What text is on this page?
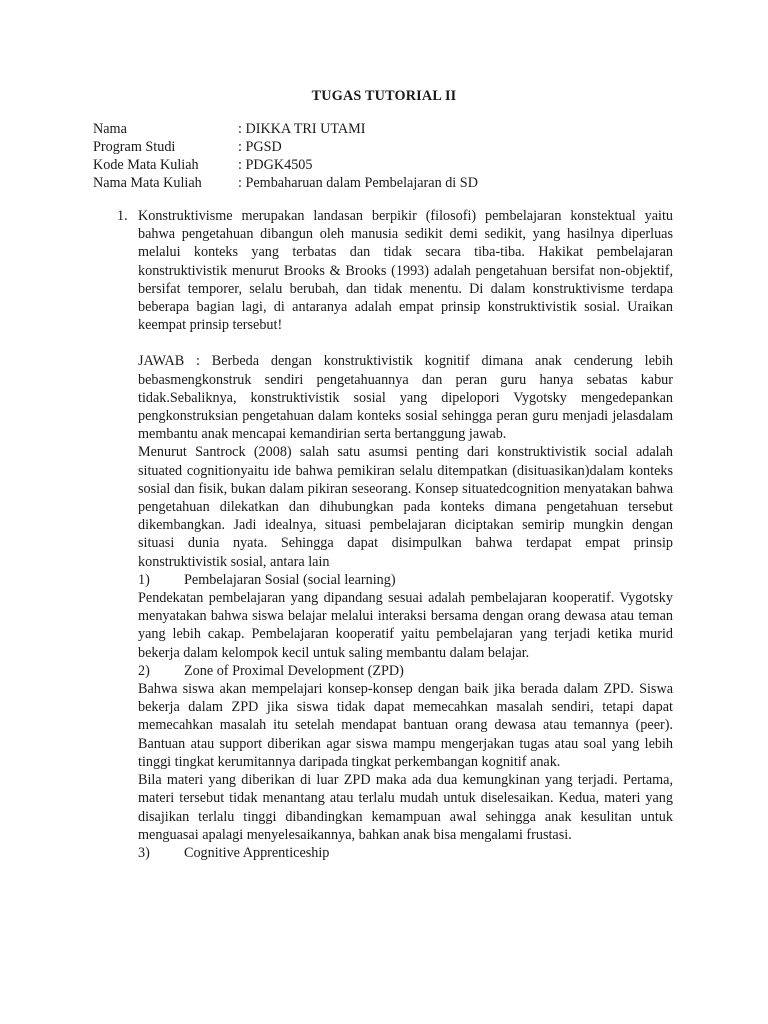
TUGAS TUTORIAL II
Nama	: DIKKA TRI UTAMI
Program Studi	: PGSD
Kode Mata Kuliah	: PDGK4505
Nama Mata Kuliah	: Pembaharuan dalam Pembelajaran di SD
1. Konstruktivisme merupakan landasan berpikir (filosofi) pembelajaran konstektual yaitu bahwa pengetahuan dibangun oleh manusia sedikit demi sedikit, yang hasilnya diperluas melalui konteks yang terbatas dan tidak secara tiba-tiba. Hakikat pembelajaran konstruktivistik menurut Brooks & Brooks (1993) adalah pengetahuan bersifat non-objektif, bersifat temporer, selalu berubah, dan tidak menentu. Di dalam konstruktivisme terdapa beberapa bagian lagi, di antaranya adalah empat prinsip konstruktivistik sosial. Uraikan keempat prinsip tersebut!

JAWAB : Berbeda dengan konstruktivistik kognitif dimana anak cenderung lebih bebasmengkonstruk sendiri pengetahuannya dan peran guru hanya sebatas kabur tidak.Sebaliknya, konstruktivistik sosial yang dipelopori Vygotsky mengedepankan pengkonstruksian pengetahuan dalam konteks sosial sehingga peran guru menjadi jelasdalam membantu anak mencapai kemandirian serta bertanggung jawab.

Menurut Santrock (2008) salah satu asumsi penting dari konstruktivistik social adalah situated cognitionyaitu ide bahwa pemikiran selalu ditempatkan (disituasikan)dalam konteks sosial dan fisik, bukan dalam pikiran seseorang. Konsep situatedcognition menyatakan bahwa pengetahuan dilekatkan dan dihubungkan pada konteks dimana pengetahuan tersebut dikembangkan. Jadi idealnya, situasi pembelajaran diciptakan semirip mungkin dengan situasi dunia nyata. Sehingga dapat disimpulkan bahwa terdapat empat prinsip konstruktivistik sosial, antara lain

1)	Pembelajaran Sosial (social learning)

Pendekatan pembelajaran yang dipandang sesuai adalah pembelajaran kooperatif. Vygotsky menyatakan bahwa siswa belajar melalui interaksi bersama dengan orang dewasa atau teman yang lebih cakap. Pembelajaran kooperatif yaitu pembelajaran yang terjadi ketika murid bekerja dalam kelompok kecil untuk saling membantu dalam belajar.

2)	Zone of Proximal Development (ZPD)

Bahwa siswa akan mempelajari konsep-konsep dengan baik jika berada dalam ZPD. Siswa bekerja dalam ZPD jika siswa tidak dapat memecahkan masalah sendiri, tetapi dapat memecahkan masalah itu setelah mendapat bantuan orang dewasa atau temannya (peer). Bantuan atau support diberikan agar siswa mampu mengerjakan tugas atau soal yang lebih tinggi tingkat kerumitannya daripada tingkat perkembangan kognitif anak.

Bila materi yang diberikan di luar ZPD maka ada dua kemungkinan yang terjadi. Pertama, materi tersebut tidak menantang atau terlalu mudah untuk diselesaikan. Kedua, materi yang disajikan terlalu tinggi dibandingkan kemampuan awal sehingga anak kesulitan untuk menguasai apalagi menyelesaikannya, bahkan anak bisa mengalami frustasi.

3)	Cognitive Apprenticeship
